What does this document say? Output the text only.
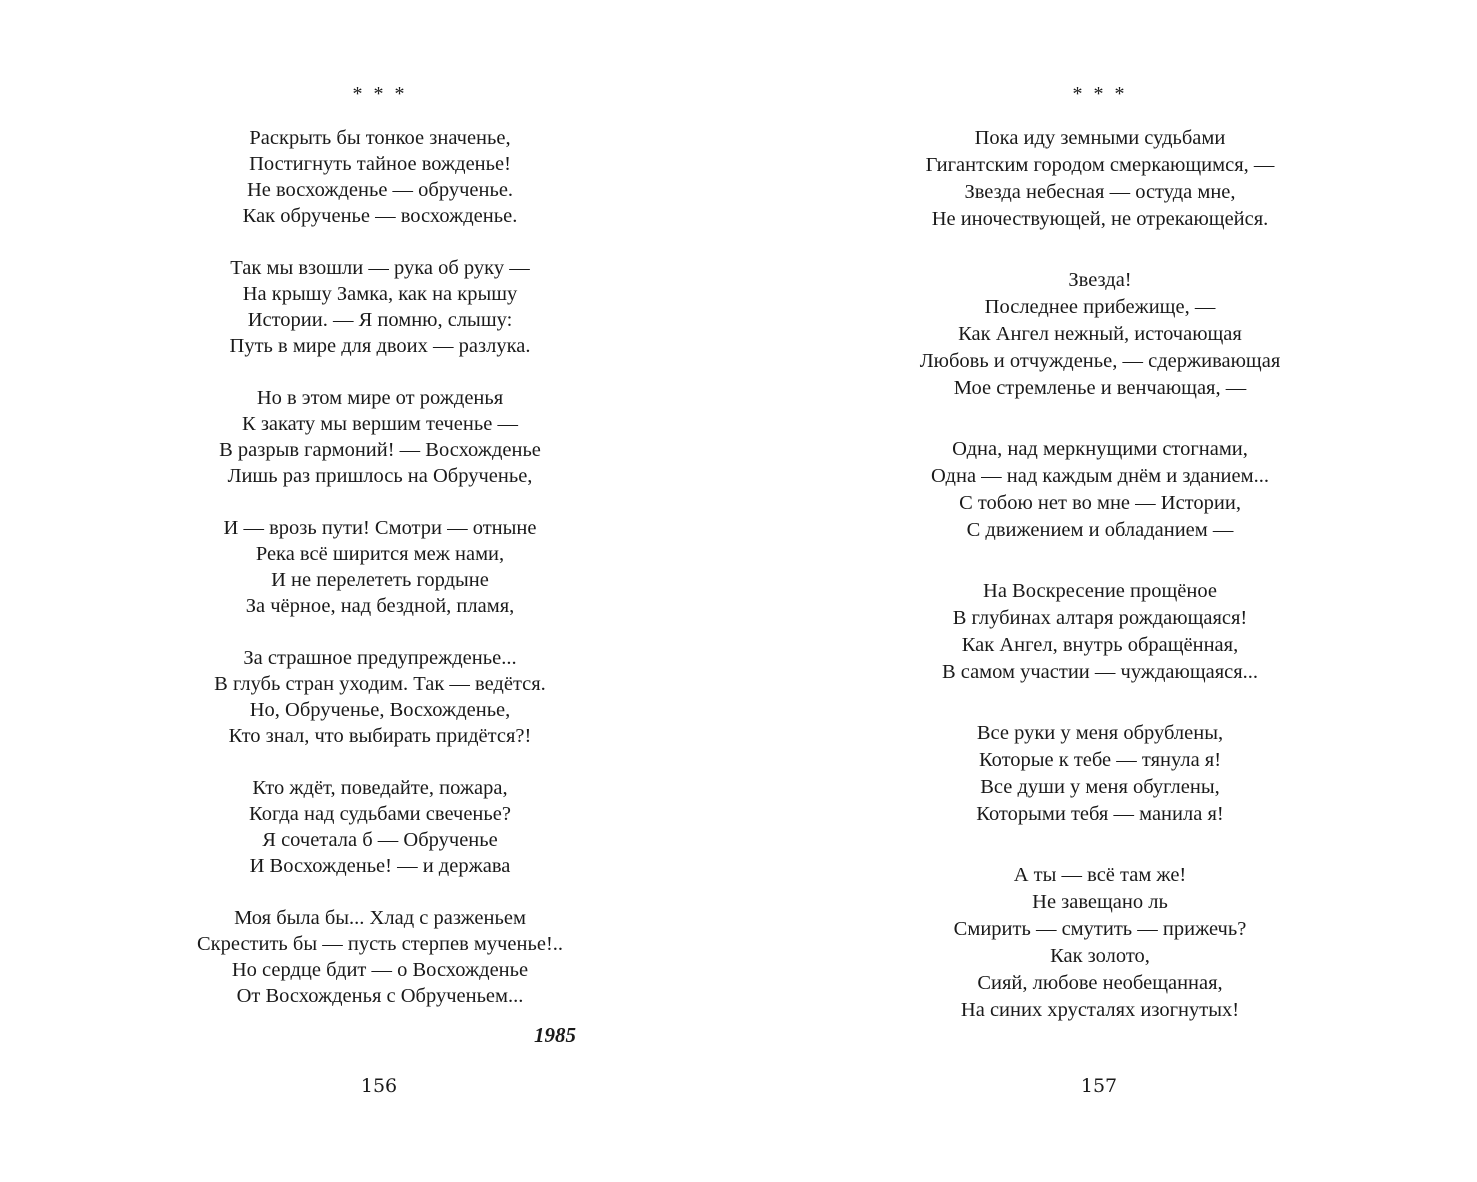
* * *
Раскрыть бы тонкое значенье,
Постигнуть тайное вожденье!
Не восхожденье — обрученье.
Как обрученье — восхожденье.
Так мы взошли — рука об руку —
На крышу Замка, как на крышу
Истории. — Я помню, слышу:
Путь в мире для двоих — разлука.
Но в этом мире от рожденья
К закату мы вершим теченье —
В разрыв гармоний! — Восхожденье
Лишь раз пришлось на Обрученье,
И — врозь пути! Смотри — отныне
Река всё ширится меж нами,
И не перелететь гордыне
За чёрное, над бездной, пламя,
За страшное предупрежденье...
В глубь стран уходим. Так — ведётся.
Но, Обрученье, Восхожденье,
Кто знал, что выбирать придётся?!
Кто ждёт, поведайте, пожара,
Когда над судьбами свеченье?
Я сочетала б — Обрученье
И Восхожденье! — и держава
Моя была бы... Хлад с разженьем
Скрестить бы — пусть стерпев мученье!..
Но сердце бдит — о Восхожденье
От Восхожденья с Обрученьем...
1985
156
* * *
Пока иду земными судьбами
Гигантским городом смеркающимся, —
Звезда небесная — остуда мне,
Не иночествующей, не отрекающейся.
Звезда!
Последнее прибежище, —
Как Ангел нежный, источающая
Любовь и отчужденье, — сдерживающая
Мое стремленье и венчающая, —
Одна, над меркнущими стогнами,
Одна — над каждым днём и зданием...
С тобою нет во мне — Истории,
С движением и обладанием —
На Воскресение прощёное
В глубинах алтаря рождающаяся!
Как Ангел, внутрь обращённая,
В самом участии — чуждающаяся...
Все руки у меня обрублены,
Которые к тебе — тянула я!
Все души у меня обуглены,
Которыми тебя — манила я!
А ты — всё там же!
Не завещано ль
Смирить — смутить — прижечь?
Как золото,
Сияй, любове необещанная,
На синих хрусталях изогнутых!
157
